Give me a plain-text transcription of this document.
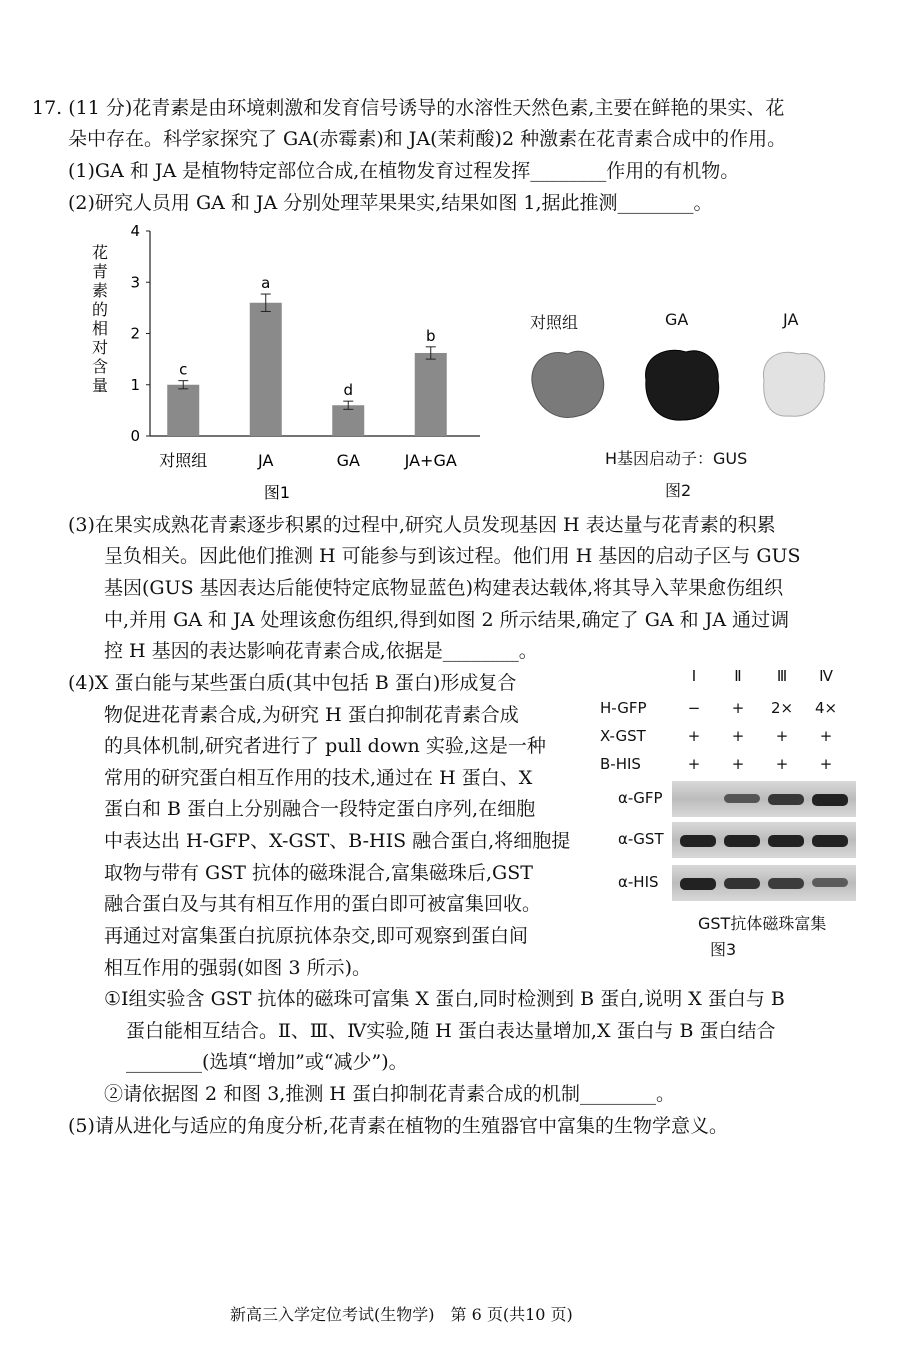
17. (11 分)花青素是由环境刺激和发育信号诱导的水溶性天然色素,主要在鲜艳的果实、花
朵中存在。科学家探究了 GA(赤霉素)和 JA(茉莉酸)2 种激素在花青素合成中的作用。
(1)GA 和 JA 是植物特定部位合成,在植物发育过程发挥________作用的有机物。
(2)研究人员用 GA 和 JA 分别处理苹果果实,结果如图 1,据此推测________。
花
青
素
的
相
对
含
量
0
1
2
3
4
c
a
d
b
对照组	JA	GA	JA+GA
图1
对照组	GA	JA
H基因启动子：GUS
图2
(3)在果实成熟花青素逐步积累的过程中,研究人员发现基因 H 表达量与花青素的积累
呈负相关。因此他们推测 H 可能参与到该过程。他们用 H 基因的启动子区与 GUS
基因(GUS 基因表达后能使特定底物显蓝色)构建表达载体,将其导入苹果愈伤组织
中,并用 GA 和 JA 处理该愈伤组织,得到如图 2 所示结果,确定了 GA 和 JA 通过调
控 H 基因的表达影响花青素合成,依据是________。
(4)X 蛋白能与某些蛋白质(其中包括 B 蛋白)形成复合
物促进花青素合成,为研究 H 蛋白抑制花青素合成
的具体机制,研究者进行了 pull down 实验,这是一种
常用的研究蛋白相互作用的技术,通过在 H 蛋白、X
蛋白和 B 蛋白上分别融合一段特定蛋白序列,在细胞
中表达出 H-GFP、X-GST、B-HIS 融合蛋白,将细胞提
取物与带有 GST 抗体的磁珠混合,富集磁珠后,GST
融合蛋白及与其有相互作用的蛋白即可被富集回收。
再通过对富集蛋白抗原抗体杂交,即可观察到蛋白间
相互作用的强弱(如图 3 所示)。
Ⅰ	Ⅱ	Ⅲ	Ⅳ
H-GFP	−	+	2×	4×
X-GST	+	+	+	+
B-HIS	+	+	+	+
α-GFP
α-GST
α-HIS
GST抗体磁珠富集
图3
①Ⅰ组实验含 GST 抗体的磁珠可富集 X 蛋白,同时检测到 B 蛋白,说明 X 蛋白与 B
蛋白能相互结合。Ⅱ、Ⅲ、Ⅳ实验,随 H 蛋白表达量增加,X 蛋白与 B 蛋白结合
________(选填“增加”或“减少”)。
②请依据图 2 和图 3,推测 H 蛋白抑制花青素合成的机制________。
(5)请从进化与适应的角度分析,花青素在植物的生殖器官中富集的生物学意义。
新高三入学定位考试(生物学)　第 6 页(共10 页)
